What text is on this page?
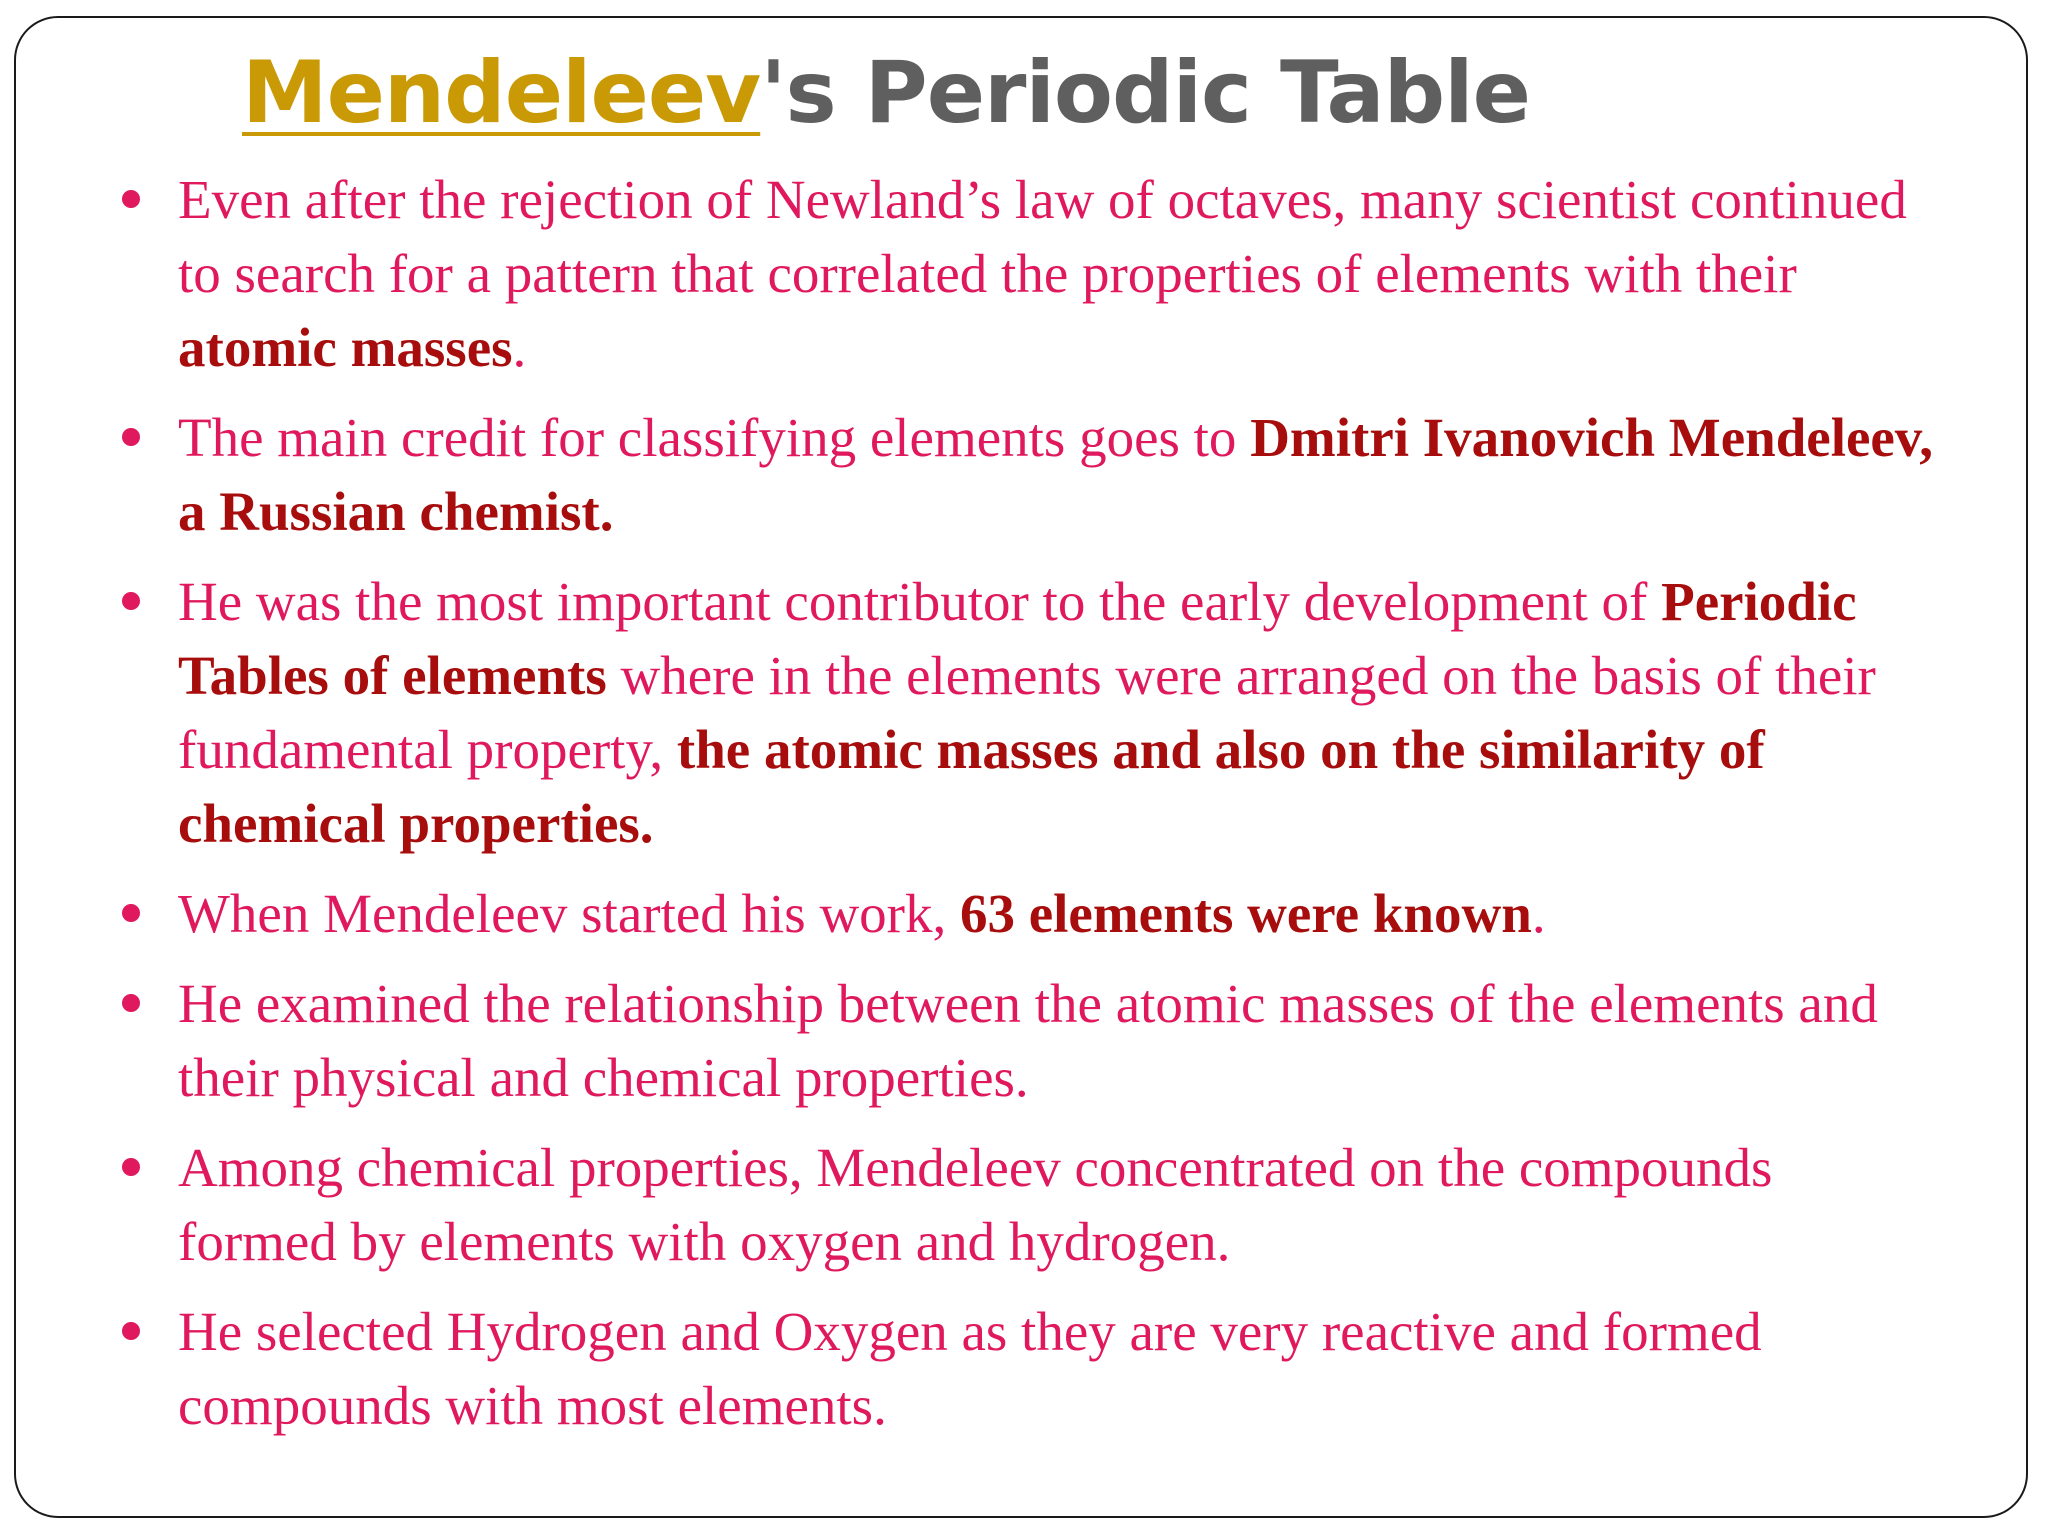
Mendeleev's Periodic Table
Even after the rejection of Newland’s law of octaves, many scientist continued to search for a pattern that correlated the properties of elements with their atomic masses.
The main credit for classifying elements goes to Dmitri Ivanovich Mendeleev, a Russian chemist.
He was the most important contributor to the early development of Periodic Tables of elements where in the elements were arranged on the basis of their fundamental property, the atomic masses and also on the similarity of chemical properties.
When Mendeleev started his work, 63 elements were known.
He examined the relationship between the atomic masses of the elements and their physical and chemical properties.
Among chemical properties, Mendeleev concentrated on the compounds formed by elements with oxygen and hydrogen.
He selected Hydrogen and Oxygen as they are very reactive and formed compounds with most elements.
